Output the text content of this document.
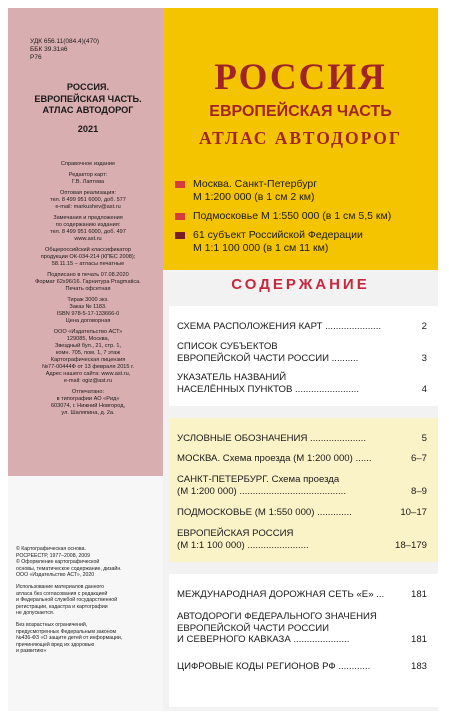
УДК 656.11(084.4)(470)
ББК 39.31я6
Р76
РОССИЯ.
ЕВРОПЕЙСКАЯ ЧАСТЬ.
АТЛАС АВТОДОРОГ
2021

Справочное издание

Редактор карт:
Г.В. Лаптева

Оптовая реализация:
тел. 8 499 951 6000, доб. 577
e-mail: markushev@ast.ru

Замечания и предложения
по содержанию издания:
тел. 8 499 951 6000, доб. 497
www.ast.ru

Общероссийский классификатор
продукции ОК-034-214 (КПЕС 2008);
58.11.15 – атласы печатные

Подписано в печать 07.08.2020
Формат 62x96/16. Гарнитура Pragmatica.
Печать офсетная

Тираж 3000 экз.
Заказ № 1183.
ISBN 978-5-17-133666-0
Цена договорная

ООО «Издательство АСТ»
129085, Москва,
Звездный бул., 21, стр. 1,
комн. 705, пом. 1, 7 этаж
Картографическая лицензия
№77-00444Ф от 13 февраля 2015 г.
Адрес нашего сайта: www.ast.ru,
e-mail: ogiz@ast.ru

Отпечатано:
в типографии АО «Рид»
603074, г. Нижний Новгород,
ул. Шаляпина, д. 2а.

© Картографическая основа.
РОСРЕЕСТР, 1977–2008, 2009
© Оформление картографической
основы, тематическое содержание, дизайн.
ООО «Издательство АСТ», 2020

Использование материалов данного
атласа без согласования с редакцией
и Федеральной службой государственной
регистрации, кадастра и картографии
не допускается.

Без возрастных ограничений,
предусмотренных Федеральным законом
№436-ФЗ «О защите детей от информации,
причиняющей вред их здоровью
и развитию»

РОССИЯ
ЕВРОПЕЙСКАЯ ЧАСТЬ
АТЛАС АВТОДОРОГ
Москва. Санкт-Петербург
М 1:200 000 (в 1 см 2 км)
Подмосковье М 1:550 000 (в 1 см 5,5 км)
61 субъект Российской Федерации
М 1:1 100 000 (в 1 см 11 км)
СОДЕРЖАНИЕ
СХЕМА РАСПОЛОЖЕНИЯ КАРТ .....................	2
СПИСОК СУБЪЕКТОВ
ЕВРОПЕЙСКОЙ ЧАСТИ РОССИИ ..........	3
УКАЗАТЕЛЬ НАЗВАНИЙ
НАСЕЛЁННЫХ ПУНКТОВ ........................	4
УСЛОВНЫЕ ОБОЗНАЧЕНИЯ .....................	5
МОСКВА. Схема проезда (М 1:200 000) ......	6–7
САНКТ-ПЕТЕРБУРГ. Схема проезда
(М 1:200 000) ........................................	8–9
ПОДМОСКОВЬЕ (М 1:550 000) .............	10–17
ЕВРОПЕЙСКАЯ РОССИЯ
(М 1:1 100 000) .......................	18–179
МЕЖДУНАРОДНАЯ ДОРОЖНАЯ СЕТЬ «Е» ...	181
АВТОДОРОГИ ФЕДЕРАЛЬНОГО ЗНАЧЕНИЯ
ЕВРОПЕЙСКОЙ ЧАСТИ РОССИИ
И СЕВЕРНОГО КАВКАЗА .....................	181
ЦИФРОВЫЕ КОДЫ РЕГИОНОВ РФ ............	183
